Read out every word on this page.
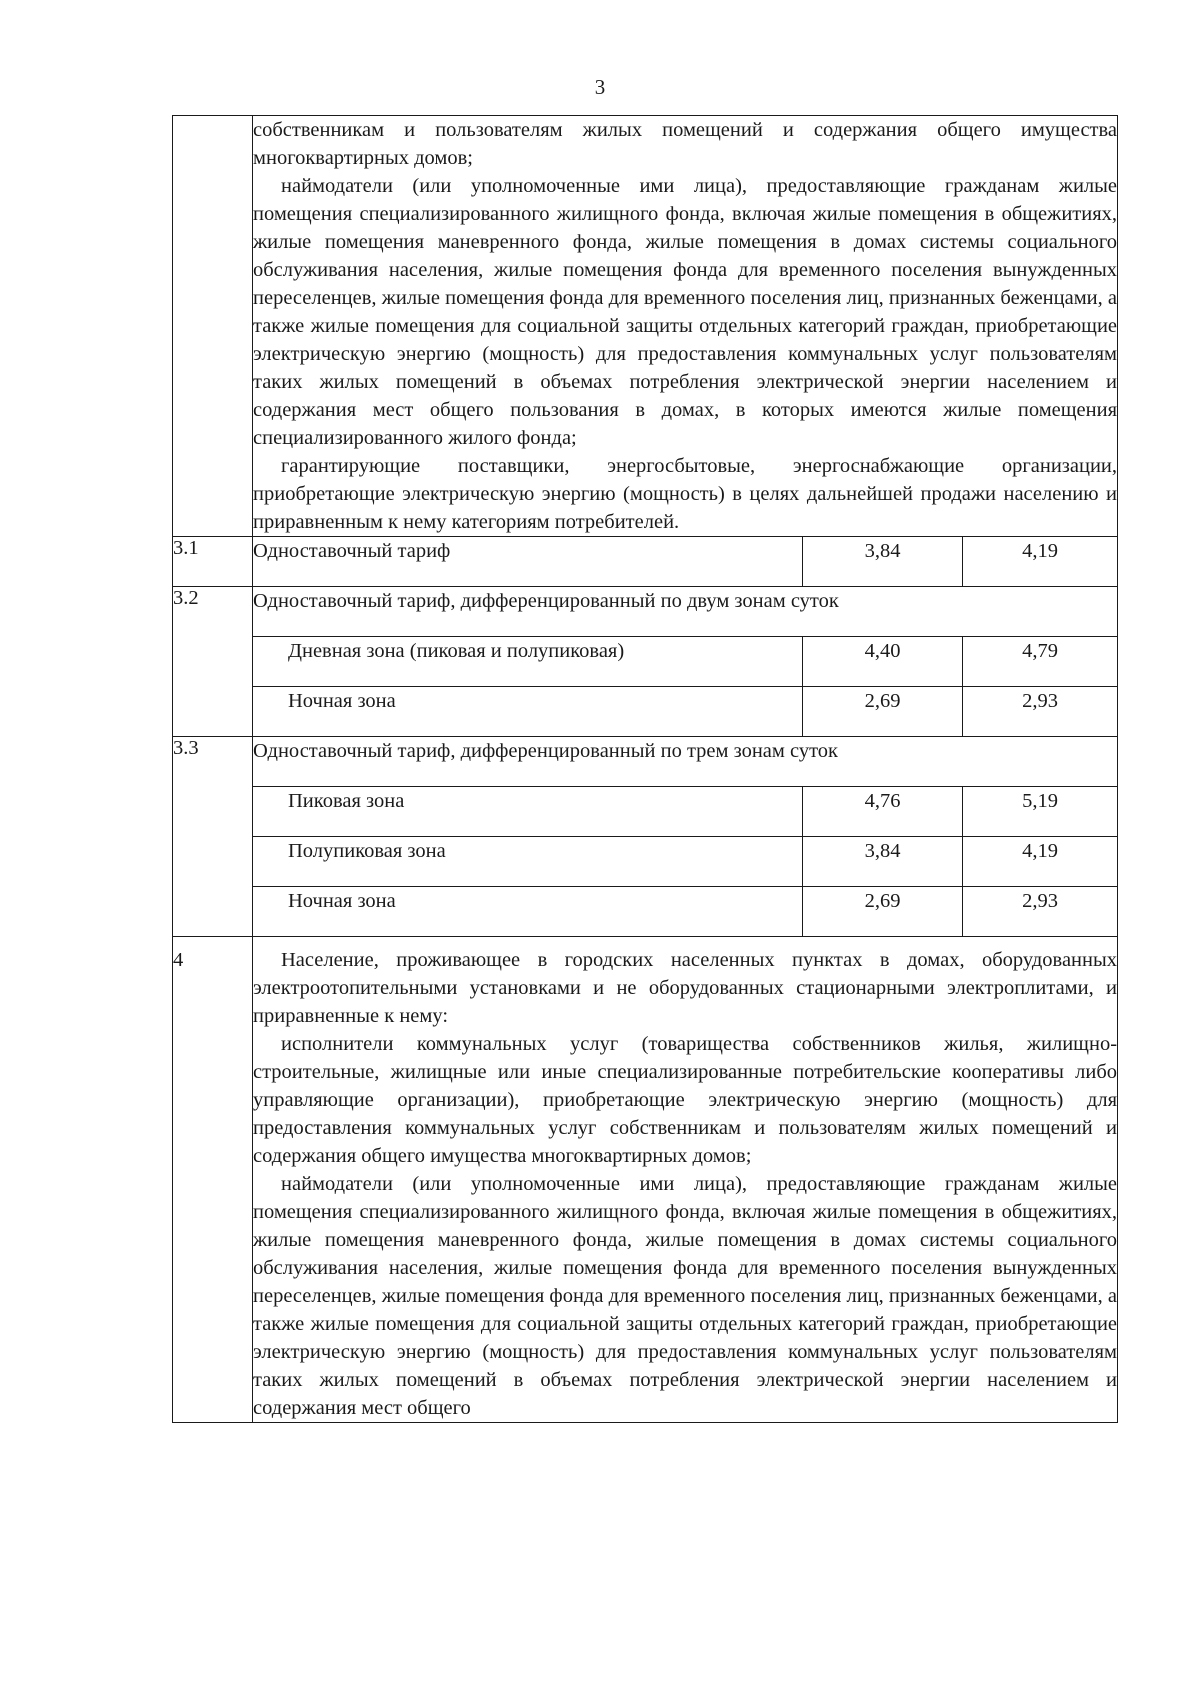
3

	собственникам и пользователям жилых помещений и содержания общего имущества многоквартирных домов;
наймодатели (или уполномоченные ими лица), предоставляющие гражданам жилые помещения специализированного жилищного фонда, включая жилые помещения в общежитиях, жилые помещения маневренного фонда, жилые помещения в домах системы социального обслуживания населения, жилые помещения фонда для временного поселения вынужденных переселенцев, жилые помещения фонда для временного поселения лиц, признанных беженцами, а также жилые помещения для социальной защиты отдельных категорий граждан, приобретающие электрическую энергию (мощность) для предоставления коммунальных услуг пользователям таких жилых помещений в объемах потребления электрической энергии населением и содержания мест общего пользования в домах, в которых имеются жилые помещения специализированного жилого фонда;
гарантирующие поставщики, энергосбытовые, энергоснабжающие организации, приобретающие электрическую энергию (мощность) в целях дальнейшей продажи населению и приравненным к нему категориям потребителей.		

3.1	Одноставочный тариф	3,84	4,19
3.2	Одноставочный тариф, дифференцированный по двум зонам суток		
	Дневная зона (пиковая и полупиковая)	4,40	4,79
	Ночная зона	2,69	2,93
3.3	Одноставочный тариф, дифференцированный по трем зонам суток		
	Пиковая зона	4,76	5,19
	Полупиковая зона	3,84	4,19
	Ночная зона	2,69	2,93
4	Население, проживающее в городских населенных пунктах в домах, оборудованных электроотопительными установками и не оборудованных стационарными электроплитами, и приравненные к нему:
исполнители коммунальных услуг (товарищества собственников жилья, жилищно-строительные, жилищные или иные специализированные потребительские кооперативы либо управляющие организации), приобретающие электрическую энергию (мощность) для предоставления коммунальных услуг собственникам и пользователям жилых помещений и содержания общего имущества многоквартирных домов;
наймодатели (или уполномоченные ими лица), предоставляющие гражданам жилые помещения специализированного жилищного фонда, включая жилые помещения в общежитиях, жилые помещения маневренного фонда, жилые помещения в домах системы социального обслуживания населения, жилые помещения фонда для временного поселения вынужденных переселенцев, жилые помещения фонда для временного поселения лиц, признанных беженцами, а также жилые помещения для социальной защиты отдельных категорий граждан, приобретающие электрическую энергию (мощность) для предоставления коммунальных услуг пользователям таких жилых помещений в объемах потребления электрической энергии населением и содержания мест общего		
